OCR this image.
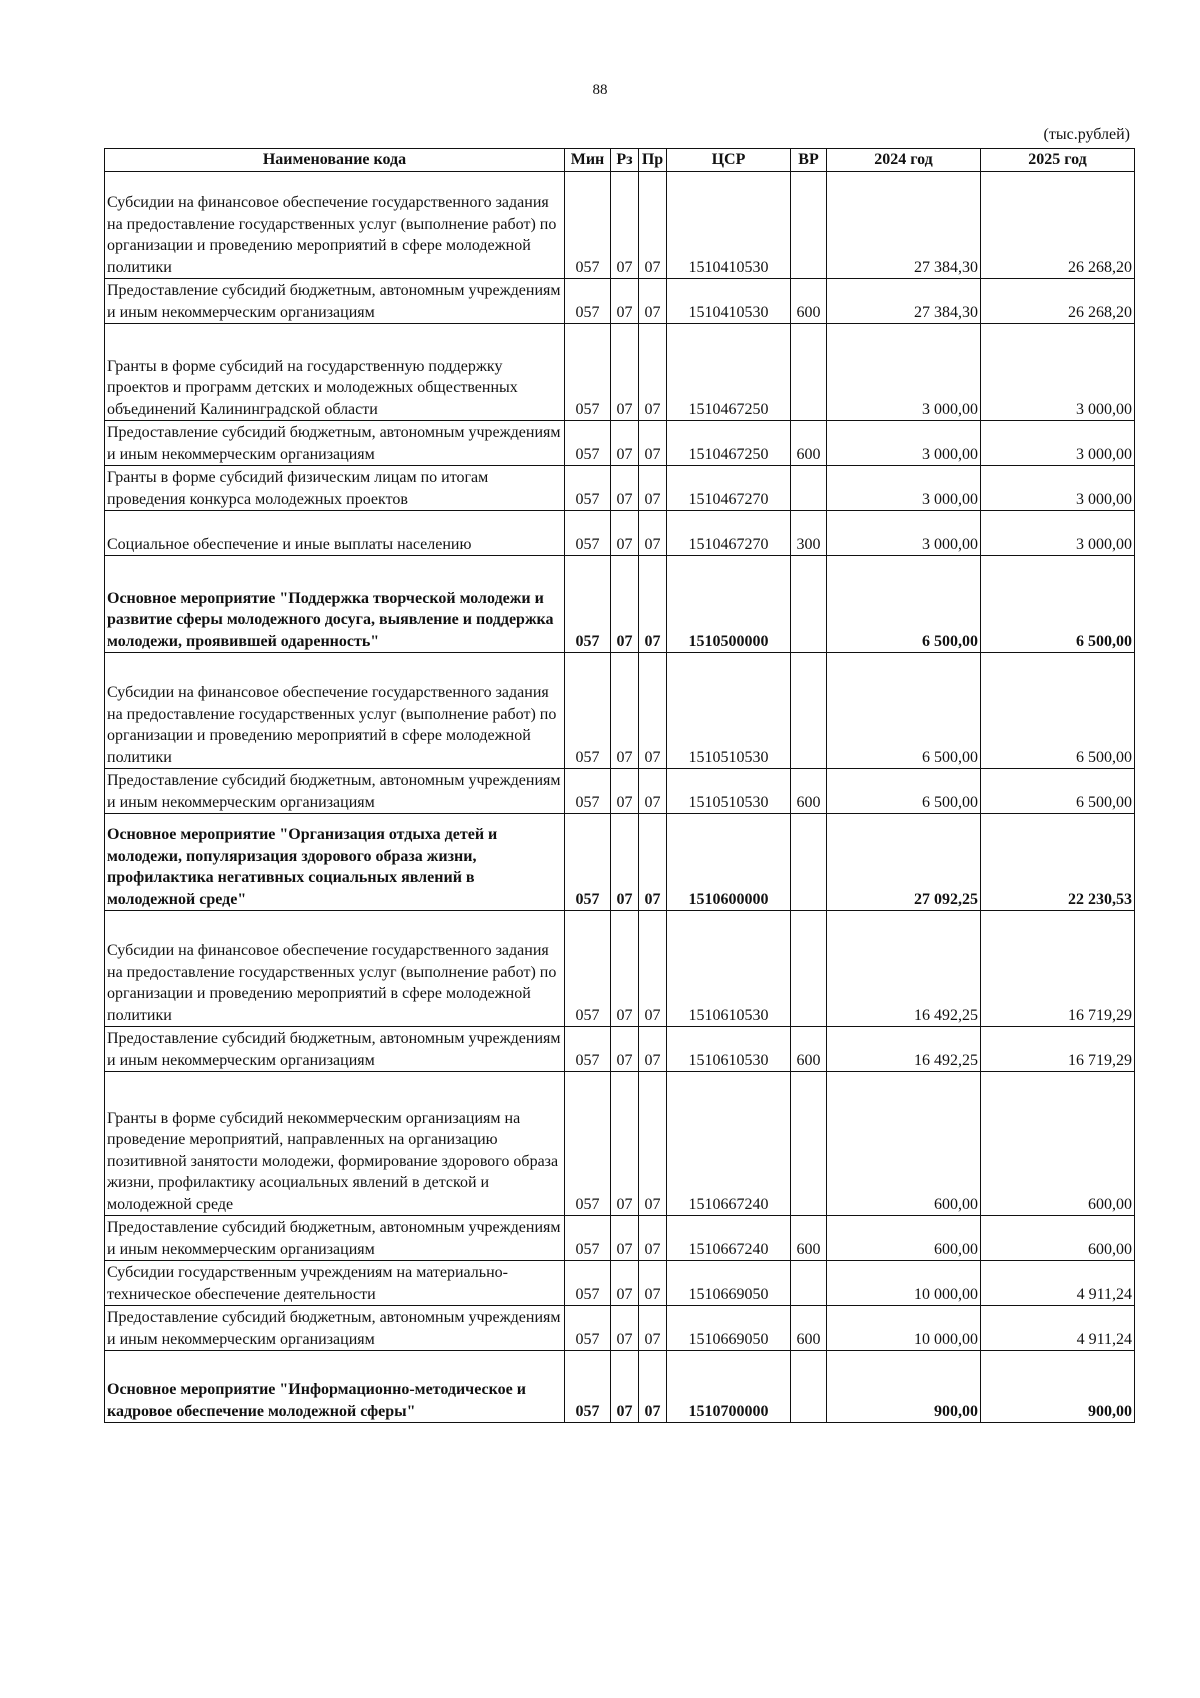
88
(тыс.рублей)
Наименование кода	Мин	Рз	Пр	ЦСР	ВР	2024 год	2025 год
Субсидии на финансовое обеспечение государственного задания на предоставление государственных услуг (выполнение работ) по организации и проведению мероприятий в сфере молодежной политики	057	07	07	1510410530		27 384,30	26 268,20
Предоставление субсидий бюджетным, автономным учреждениям и иным некоммерческим организациям	057	07	07	1510410530	600	27 384,30	26 268,20
Гранты в форме субсидий на государственную поддержку проектов и программ детских и молодежных общественных объединений Калининградской области	057	07	07	1510467250		3 000,00	3 000,00
Предоставление субсидий бюджетным, автономным учреждениям и иным некоммерческим организациям	057	07	07	1510467250	600	3 000,00	3 000,00
Гранты в форме субсидий физическим лицам по итогам проведения конкурса молодежных проектов	057	07	07	1510467270		3 000,00	3 000,00
Социальное обеспечение и иные выплаты населению	057	07	07	1510467270	300	3 000,00	3 000,00
Основное мероприятие "Поддержка творческой молодежи и развитие сферы молодежного досуга, выявление и поддержка молодежи, проявившей одаренность"	057	07	07	1510500000		6 500,00	6 500,00
Субсидии на финансовое обеспечение государственного задания на предоставление государственных услуг (выполнение работ) по организации и проведению мероприятий в сфере молодежной политики	057	07	07	1510510530		6 500,00	6 500,00
Предоставление субсидий бюджетным, автономным учреждениям и иным некоммерческим организациям	057	07	07	1510510530	600	6 500,00	6 500,00
Основное мероприятие "Организация отдыха детей и молодежи, популяризация здорового образа жизни, профилактика негативных социальных явлений в молодежной среде"	057	07	07	1510600000		27 092,25	22 230,53
Субсидии на финансовое обеспечение государственного задания на предоставление государственных услуг (выполнение работ) по организации и проведению мероприятий в сфере молодежной политики	057	07	07	1510610530		16 492,25	16 719,29
Предоставление субсидий бюджетным, автономным учреждениям и иным некоммерческим организациям	057	07	07	1510610530	600	16 492,25	16 719,29
Гранты в форме субсидий некоммерческим организациям на проведение мероприятий, направленных на организацию позитивной занятости молодежи, формирование здорового образа жизни, профилактику асоциальных явлений в детской и молодежной среде	057	07	07	1510667240		600,00	600,00
Предоставление субсидий бюджетным, автономным учреждениям и иным некоммерческим организациям	057	07	07	1510667240	600	600,00	600,00
Субсидии государственным учреждениям на материально-техническое обеспечение деятельности	057	07	07	1510669050		10 000,00	4 911,24
Предоставление субсидий бюджетным, автономным учреждениям и иным некоммерческим организациям	057	07	07	1510669050	600	10 000,00	4 911,24
Основное мероприятие "Информационно-методическое и кадровое обеспечение молодежной сферы"	057	07	07	1510700000		900,00	900,00
